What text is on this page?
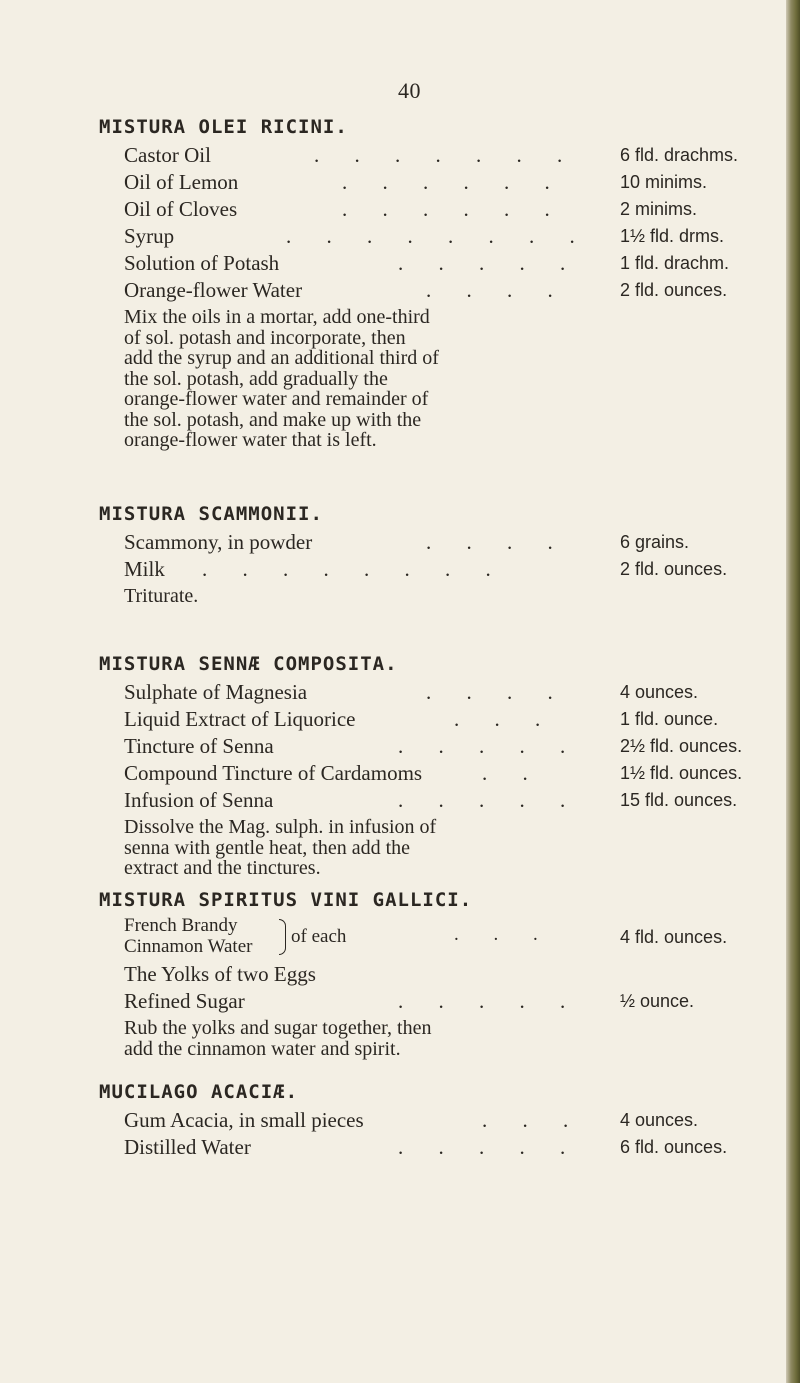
40
MISTURA OLEI RICINI.
Castor Oil	. . . . . . . 6 fld. drachms.
Oil of Lemon	. . . . . .	10 minims.
Oil of Cloves	. . . . . .	2 minims.
Syrup	. . . . . . . . 1½ fld. drms.
Solution of Potash	. . . . . 1 fld. drachm.
Orange-flower Water	. . . .	2 fld. ounces.
Mix the oils in a mortar, add one-third
of sol. potash and incorporate, then
add the syrup and an additional third of
the sol. potash, add gradually the
orange-flower water and remainder of
the sol. potash, and make up with the
orange-flower water that is left.
MISTURA SCAMMONII.
Scammony, in powder	. . . .	6 grains.
Milk . . . . . . . .	2 fld. ounces.
Triturate.
MISTURA SENNÆ COMPOSITA.
Sulphate of Magnesia	. . . .	4 ounces.
Liquid Extract of Liquorice	. . .	1 fld. ounce.
Tincture of Senna	. . . . . 2½ fld. ounces.
Compound Tincture of Cardamoms	. .	1½ fld. ounces.
Infusion of Senna	. . . . . 15 fld. ounces.
Dissolve the Mag. sulph. in infusion of
senna with gentle heat, then add the
extract and the tinctures.
MISTURA SPIRITUS VINI GALLICI.
French Brandy
Cinnamon Water of each	. . .	4 fld. ounces.
The Yolks of two Eggs
Refined Sugar	. . . . . ½ ounce.
Rub the yolks and sugar together, then
add the cinnamon water and spirit.
MUCILAGO ACACIÆ.
Gum Acacia, in small pieces	. . . 4 ounces.
Distilled Water	. . . . . 6 fld. ounces.
